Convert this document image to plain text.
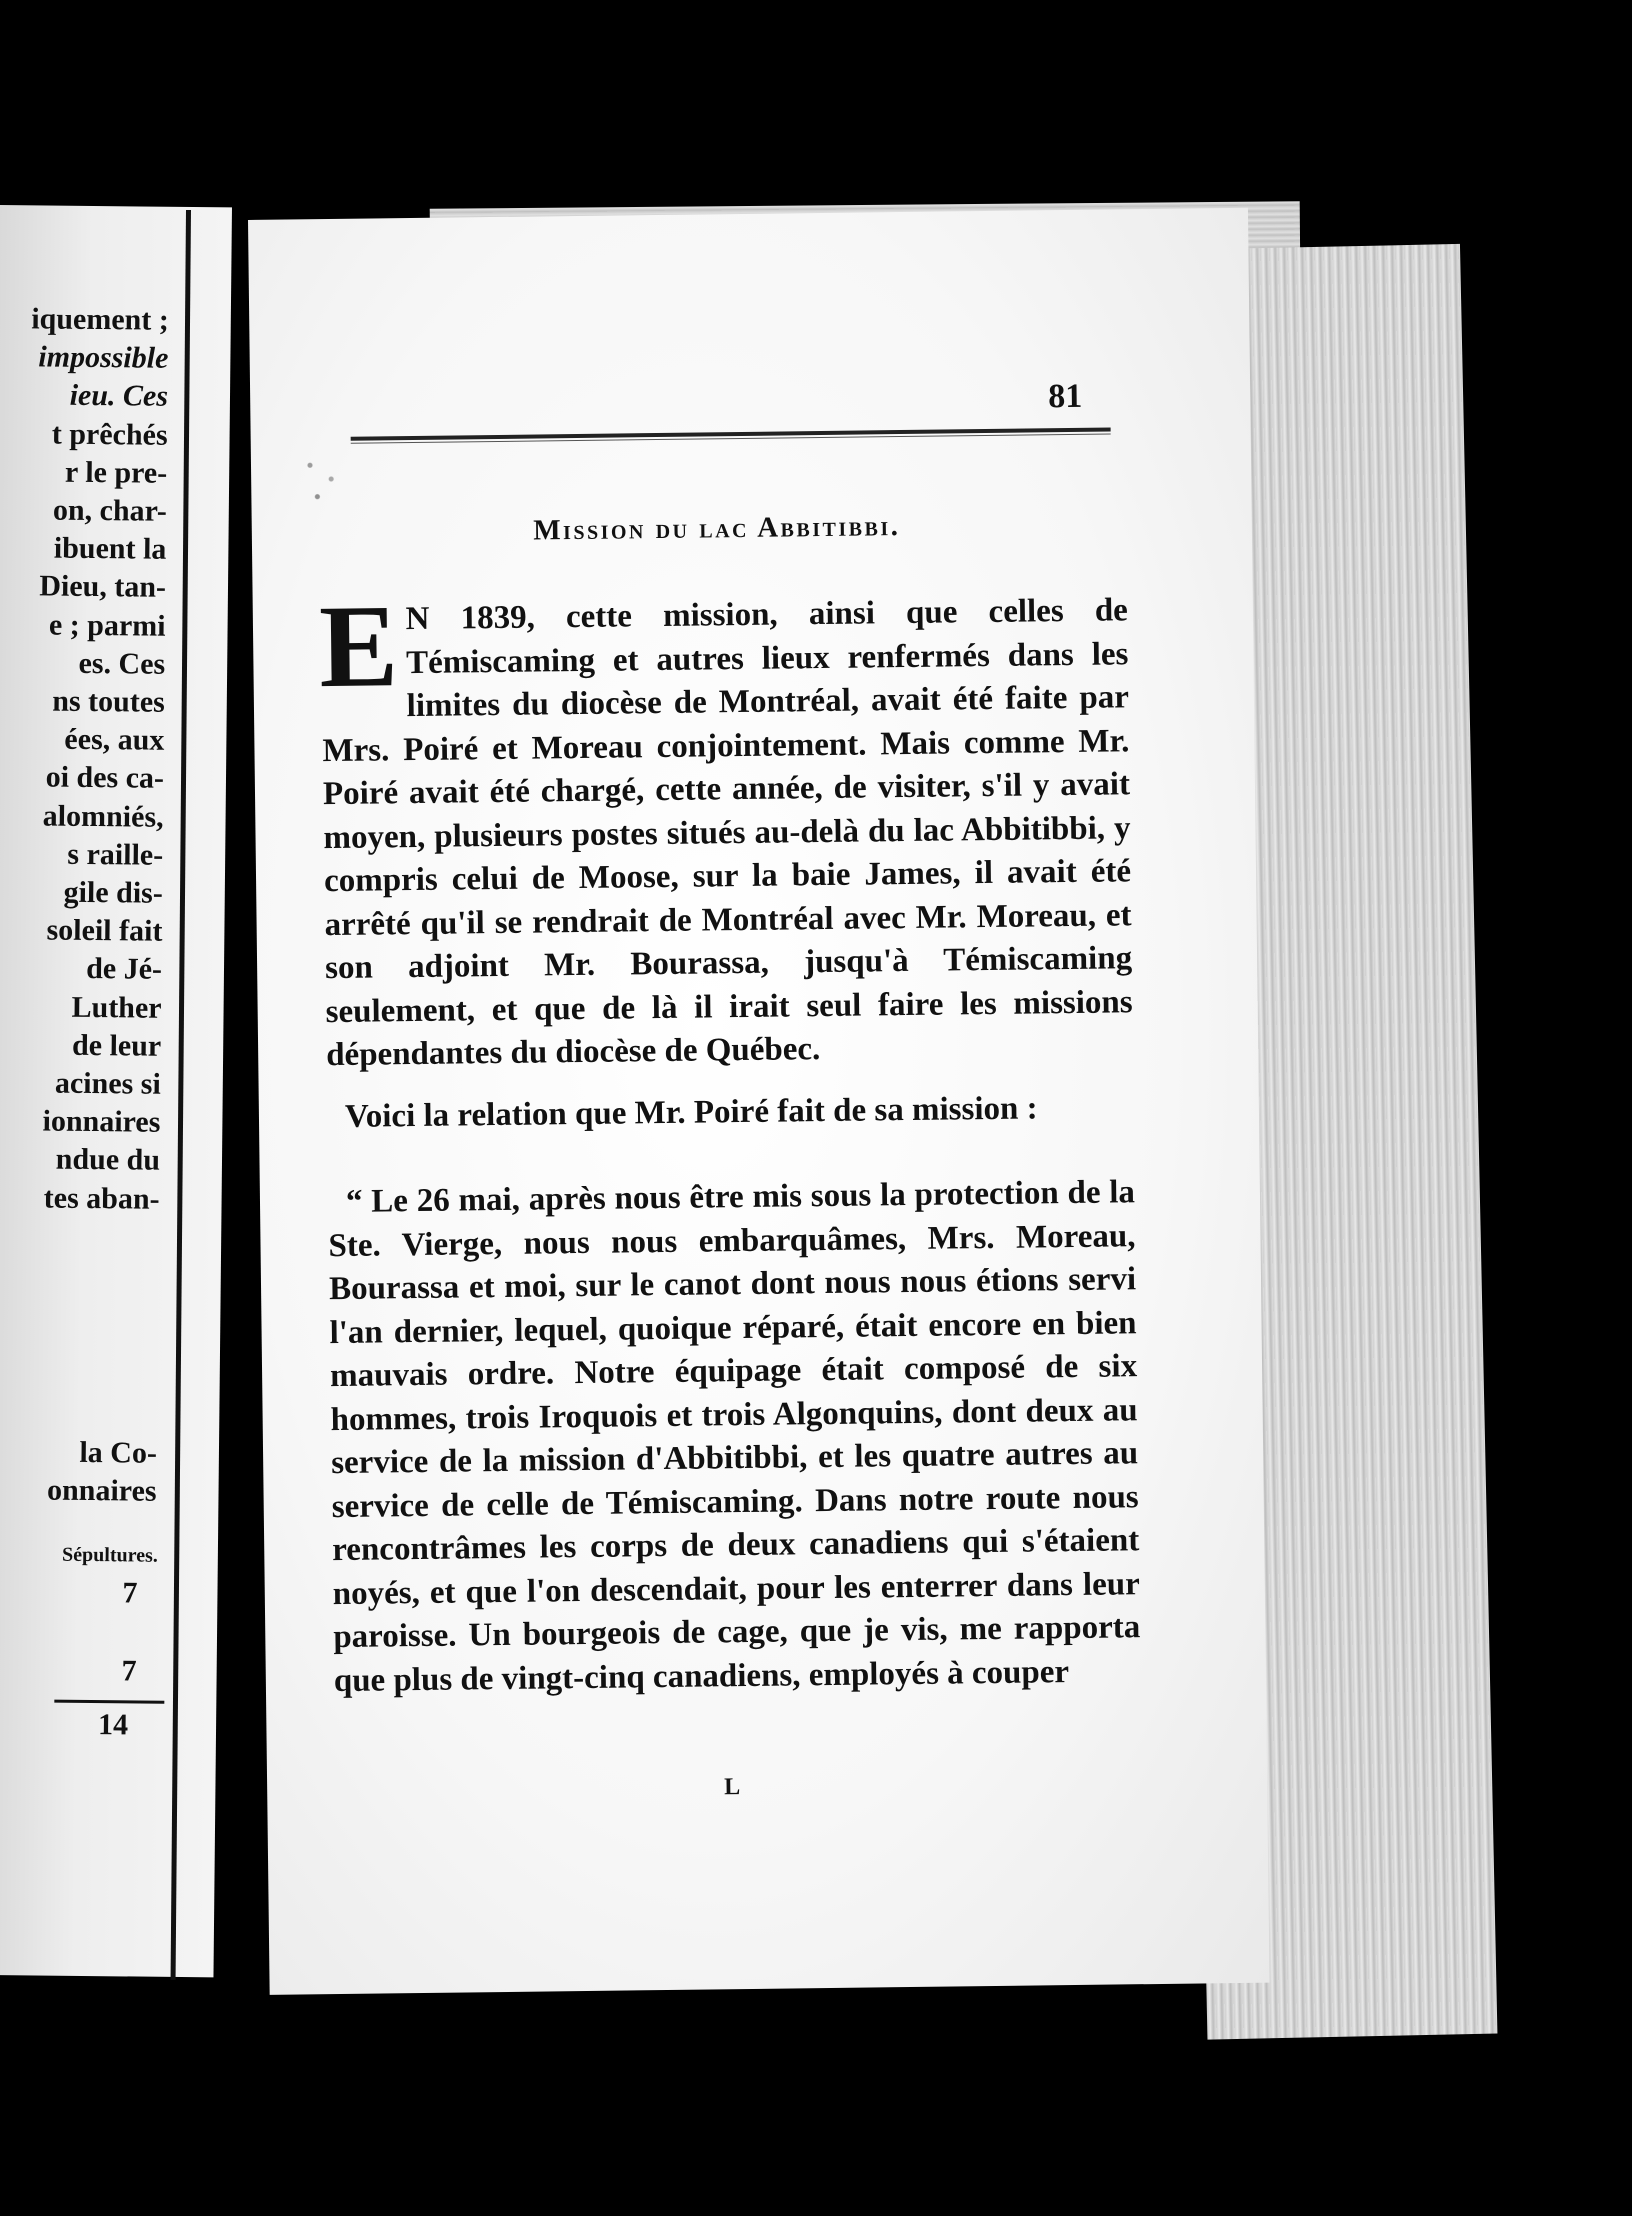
iquement ;
impossible
ieu. Ces
t prêchés
r le pre-
on, char-
ibuent la
Dieu, tan-
e ; parmi
es. Ces
ns toutes
ées, aux
oi des ca-
alomniés,
s raille-
gile dis-
soleil fait
de Jé-
Luther
de leur
acines si
ionnaires
ndue du
tes aban-
la Co-
onnaires
Sépultures.
7
7
14
81
Mission du lac Abbitibbi.

E N 1839, cette mission, ainsi que celles de Témiscaming et autres lieux renfermés dans les limites du diocèse de Montréal, avait été faite par Mrs. Poiré et Moreau conjointement. Mais comme Mr. Poiré avait été chargé, cette année, de visiter, s'il y avait moyen, plusieurs postes situés au-delà du lac Abbitibbi, y compris celui de Moose, sur la baie James, il avait été arrêté qu'il se rendrait de Montréal avec Mr. Moreau, et son adjoint Mr. Bourassa, jusqu'à Témiscaming seulement, et que de là il irait seul faire les missions dépendantes du diocèse de Québec.

Voici la relation que Mr. Poiré fait de sa mission :

“ Le 26 mai, après nous être mis sous la protection de la Ste. Vierge, nous nous embarquâmes, Mrs. Moreau, Bourassa et moi, sur le canot dont nous nous étions servi l'an dernier, lequel, quoique réparé, était encore en bien mauvais ordre. Notre équipage était composé de six hommes, trois Iroquois et trois Algonquins, dont deux au service de la mission d'Abbitibbi, et les quatre autres au service de celle de Témiscaming. Dans notre route nous rencontrâmes les corps de deux canadiens qui s'étaient noyés, et que l'on descendait, pour les enterrer dans leur paroisse. Un bourgeois de cage, que je vis, me rapporta que plus de vingt-cinq canadiens, employés à couper

L
